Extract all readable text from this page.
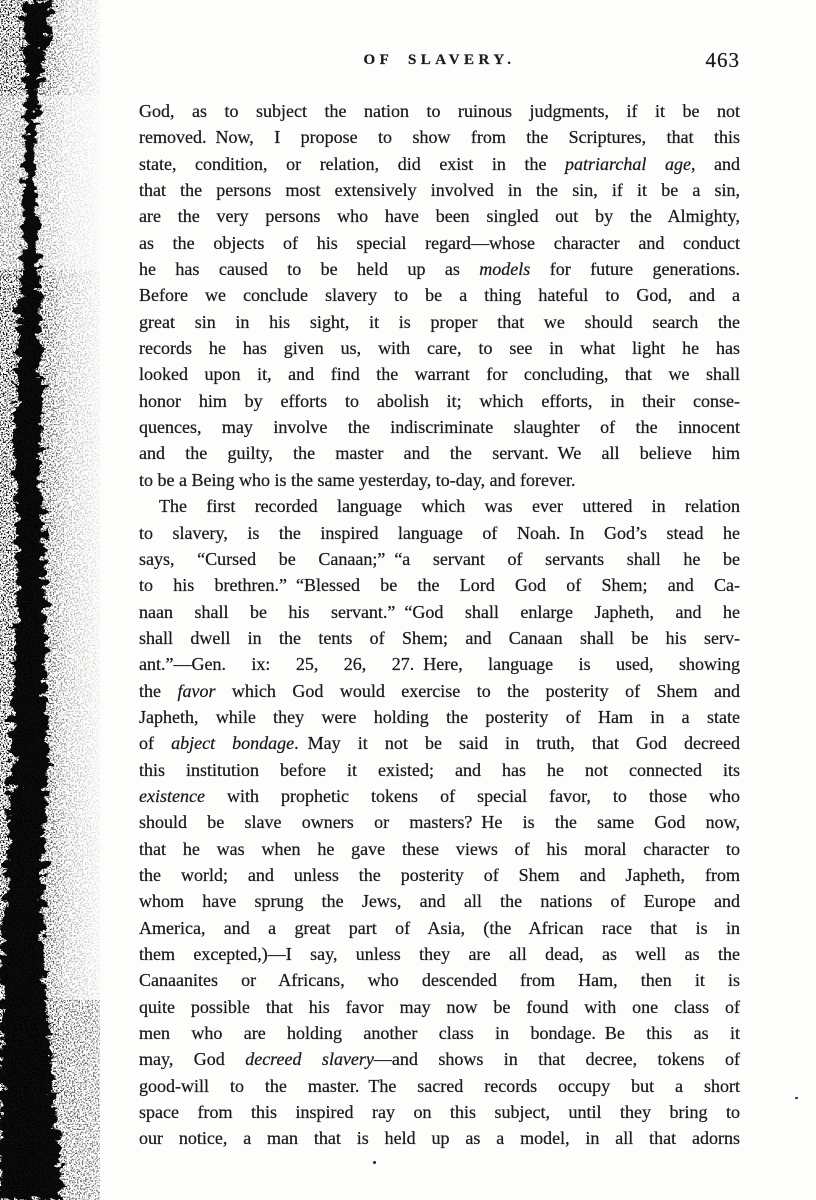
OF SLAVERY.	463
God, as to subject the nation to ruinous judgments, if it be not
removed. Now, I propose to show from the Scriptures, that this
state, condition, or relation, did exist in the patriarchal age, and
that the persons most extensively involved in the sin, if it be a sin,
are the very persons who have been singled out by the Almighty,
as the objects of his special regard—whose character and conduct
he has caused to be held up as models for future generations.
Before we conclude slavery to be a thing hateful to God, and a
great sin in his sight, it is proper that we should search the
records he has given us, with care, to see in what light he has
looked upon it, and find the warrant for concluding, that we shall
honor him by efforts to abolish it; which efforts, in their conse-
quences, may involve the indiscriminate slaughter of the innocent
and the guilty, the master and the servant. We all believe him
to be a Being who is the same yesterday, to-day, and forever.
The first recorded language which was ever uttered in relation
to slavery, is the inspired language of Noah. In God’s stead he
says, “Cursed be Canaan;” “a servant of servants shall he be
to his brethren.” “Blessed be the Lord God of Shem; and Ca-
naan shall be his servant.” “God shall enlarge Japheth, and he
shall dwell in the tents of Shem; and Canaan shall be his serv-
ant.”—Gen. ix: 25, 26, 27. Here, language is used, showing
the favor which God would exercise to the posterity of Shem and
Japheth, while they were holding the posterity of Ham in a state
of abject bondage. May it not be said in truth, that God decreed
this institution before it existed; and has he not connected its
existence with prophetic tokens of special favor, to those who
should be slave owners or masters? He is the same God now,
that he was when he gave these views of his moral character to
the world; and unless the posterity of Shem and Japheth, from
whom have sprung the Jews, and all the nations of Europe and
America, and a great part of Asia, (the African race that is in
them excepted,)—I say, unless they are all dead, as well as the
Canaanites or Africans, who descended from Ham, then it is
quite possible that his favor may now be found with one class of
men who are holding another class in bondage. Be this as it
may, God decreed slavery—and shows in that decree, tokens of
good-will to the master. The sacred records occupy but a short
space from this inspired ray on this subject, until they bring to
our notice, a man that is held up as a model, in all that adorns
